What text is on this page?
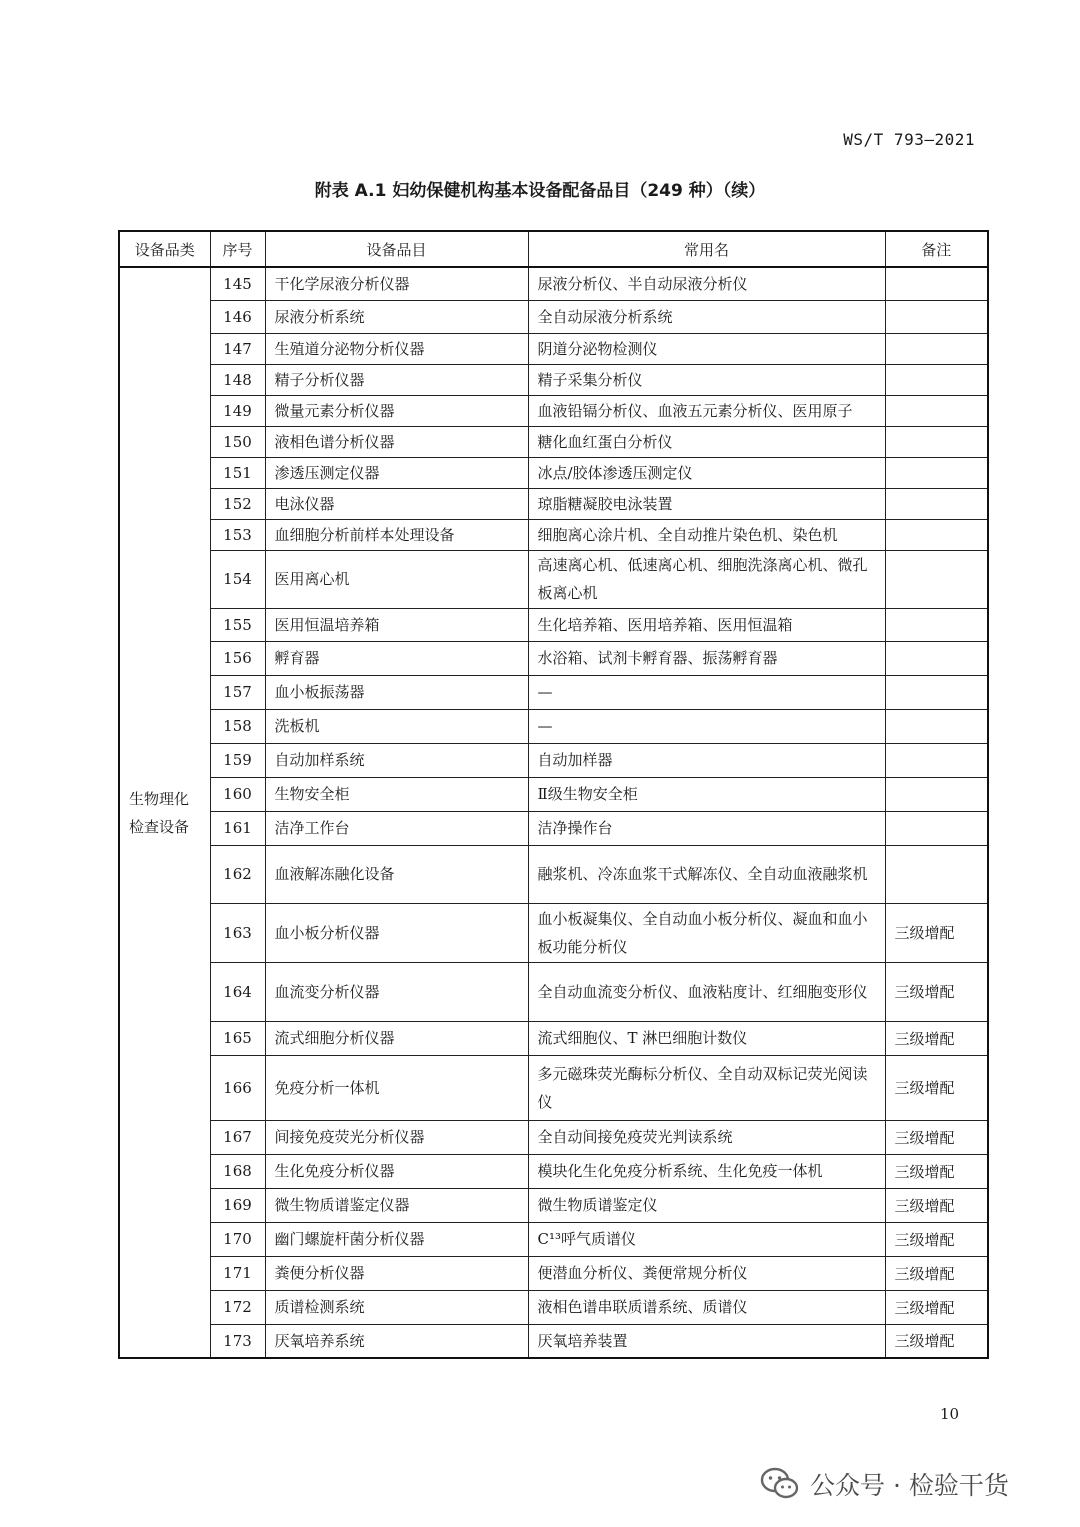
WS/T 793—2021
附表 A.1 妇幼保健机构基本设备配备品目（249 种）（续）
设备品类	序号	设备品目	常用名	备注
生物理化检查设备	145	干化学尿液分析仪器	尿液分析仪、半自动尿液分析仪	
	146	尿液分析系统	全自动尿液分析系统	
	147	生殖道分泌物分析仪器	阴道分泌物检测仪	
	148	精子分析仪器	精子采集分析仪	
	149	微量元素分析仪器	血液铅镉分析仪、血液五元素分析仪、医用原子	
	150	液相色谱分析仪器	糖化血红蛋白分析仪	
	151	渗透压测定仪器	冰点/胶体渗透压测定仪	
	152	电泳仪器	琼脂糖凝胶电泳装置	
	153	血细胞分析前样本处理设备	细胞离心涂片机、全自动推片染色机、染色机	
	154	医用离心机	高速离心机、低速离心机、细胞洗涤离心机、微孔板离心机	
	155	医用恒温培养箱	生化培养箱、医用培养箱、医用恒温箱	
	156	孵育器	水浴箱、试剂卡孵育器、振荡孵育器	
	157	血小板振荡器	—	
	158	洗板机	—	
	159	自动加样系统	自动加样器	
	160	生物安全柜	Ⅱ级生物安全柜	
	161	洁净工作台	洁净操作台	
	162	血液解冻融化设备	融浆机、冷冻血浆干式解冻仪、全自动血液融浆机	
	163	血小板分析仪器	血小板凝集仪、全自动血小板分析仪、凝血和血小板功能分析仪	三级增配
	164	血流变分析仪器	全自动血流变分析仪、血液粘度计、红细胞变形仪	三级增配
	165	流式细胞分析仪器	流式细胞仪、T 淋巴细胞计数仪	三级增配
	166	免疫分析一体机	多元磁珠荧光酶标分析仪、全自动双标记荧光阅读仪	三级增配
	167	间接免疫荧光分析仪器	全自动间接免疫荧光判读系统	三级增配
	168	生化免疫分析仪器	模块化生化免疫分析系统、生化免疫一体机	三级增配
	169	微生物质谱鉴定仪器	微生物质谱鉴定仪	三级增配
	170	幽门螺旋杆菌分析仪器	C¹³呼气质谱仪	三级增配
	171	粪便分析仪器	便潜血分析仪、粪便常规分析仪	三级增配
	172	质谱检测系统	液相色谱串联质谱系统、质谱仪	三级增配
	173	厌氧培养系统	厌氧培养装置	三级增配
10
公众号 · 检验干货
